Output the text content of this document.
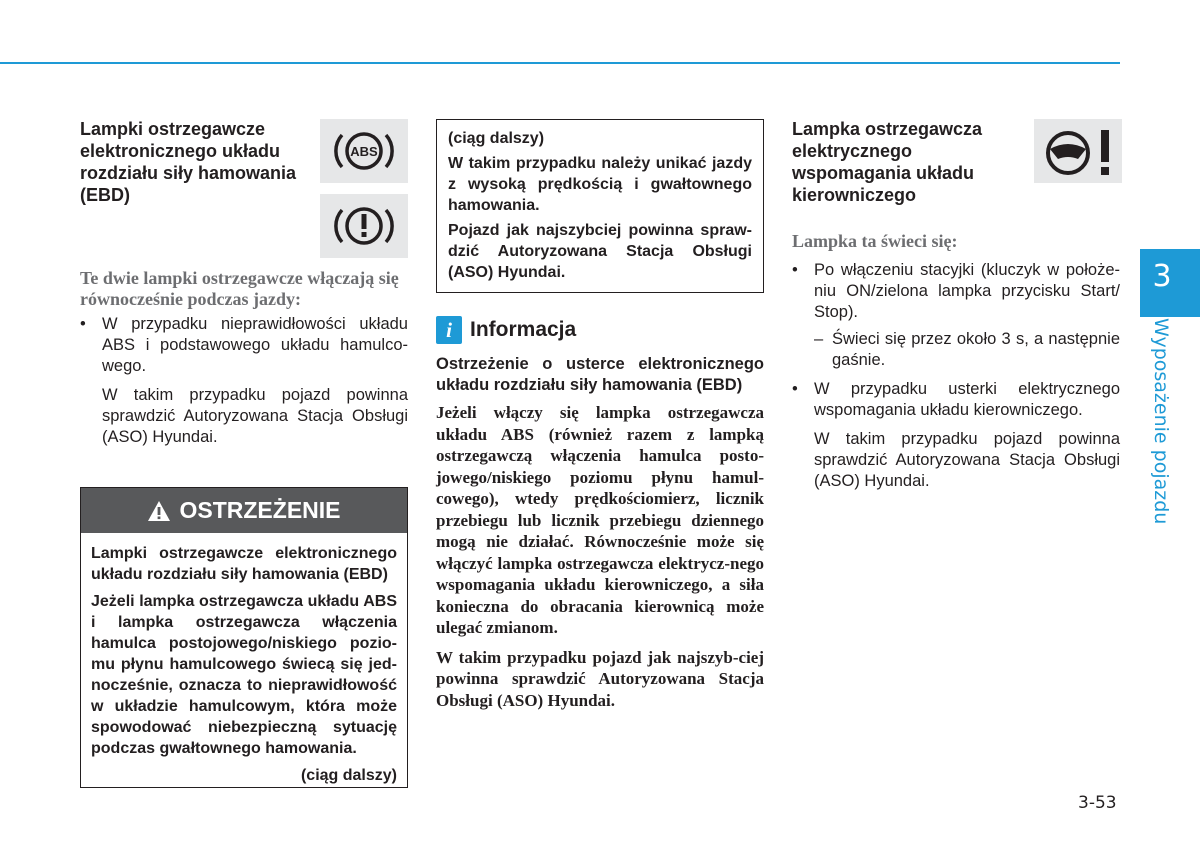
3
Wyposażenie pojazdu
Lampki ostrzegawcze elektronicznego układu rozdziału siły hamowania (EBD)
ABS
Te dwie lampki ostrzegawcze włączają się równocześnie podczas jazdy:
• W przypadku nieprawidłowości układu ABS i podstawowego układu hamulco-wego.
W takim przypadku pojazd powinna sprawdzić Autoryzowana Stacja Obsługi (ASO) Hyundai.
OSTRZEŻENIE

Lampki ostrzegawcze elektronicznego układu rozdziału siły hamowania (EBD)

Jeżeli lampka ostrzegawcza układu ABS i lampka ostrzegawcza włączenia hamulca postojowego/niskiego pozio-mu płynu hamulcowego świecą się jed-nocześnie, oznacza to nieprawidłowość w układzie hamulcowym, która może spowodować niebezpieczną sytuację podczas gwałtownego hamowania.

(ciąg dalszy)

(ciąg dalszy)

W takim przypadku należy unikać jazdy z wysoką prędkością i gwałtownego hamowania.

Pojazd jak najszybciej powinna spraw-dzić Autoryzowana Stacja Obsługi (ASO) Hyundai.

i Informacja
Ostrzeżenie o usterce elektronicznego układu rozdziału siły hamowania (EBD)

Jeżeli włączy się lampka ostrzegawcza układu ABS (również razem z lampką ostrzegawczą włączenia hamulca posto-jowego/niskiego poziomu płynu hamul-cowego), wtedy prędkościomierz, licznik przebiegu lub licznik przebiegu dziennego mogą nie działać. Równocześnie może się włączyć lampka ostrzegawcza elektrycz-nego wspomagania układu kierowniczego, a siła konieczna do obracania kierownicą może ulegać zmianom.

W takim przypadku pojazd jak najszyb-ciej powinna sprawdzić Autoryzowana Stacja Obsługi (ASO) Hyundai.

Lampka ostrzegawcza elektrycznego wspomagania układu kierowniczego
Lampka ta świeci się:
• Po włączeniu stacyjki (kluczyk w położe-niu ON/zielona lampka przycisku Start/ Stop).
– Świeci się przez około 3 s, a następnie gaśnie.
• W przypadku usterki elektrycznego wspomagania układu kierowniczego.
W takim przypadku pojazd powinna sprawdzić Autoryzowana Stacja Obsługi (ASO) Hyundai.
3-53
